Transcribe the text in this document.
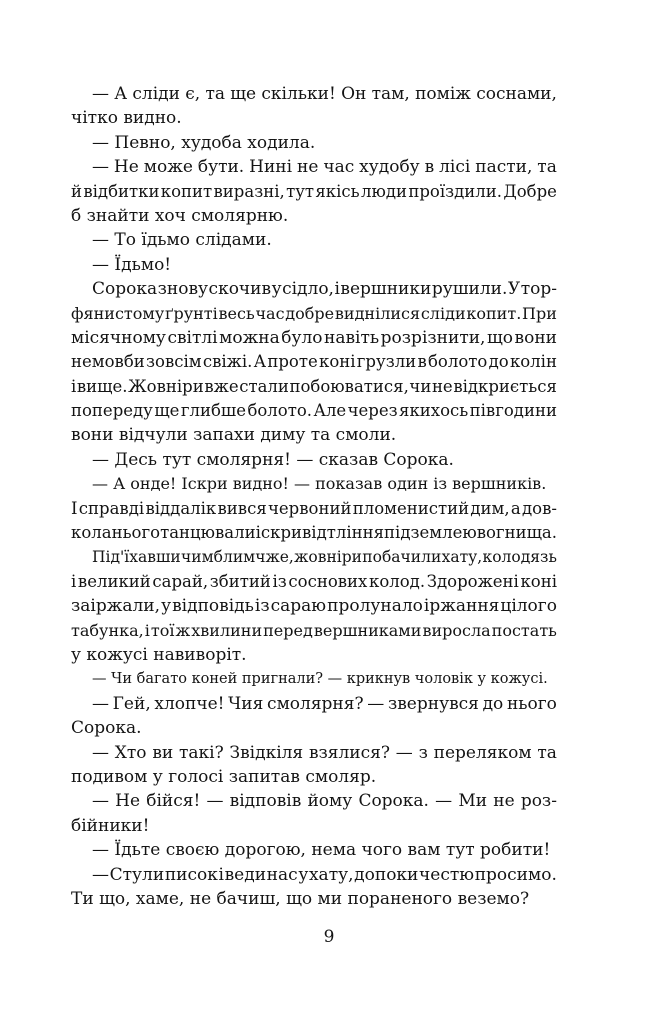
— А сліди є, та ще скільки! Он там, поміж соснами,
чітко видно.
— Певно, худоба ходила.
— Не може бути. Нині не час худобу в лісі пасти, та
й відбитки копит виразні, тут якісь люди проїздили. Добре
б знайти хоч смолярню.
— То їдьмо слідами.
— Їдьмо!
Сорока знову скочив у сідло, і вершники рушили. У тор-
фянистому ґрунті весь час добре виднілися сліди копит. При
місячному світлі можна було навіть розрізнити, що вони
немовби зовсім свіжі. А проте коні грузли в болото до колін
і вище. Жовніри вже стали побоюватися, чи не відкриється
попереду ще глибше болото. Але через якихось півгодини
вони відчули запахи диму та смоли.
— Десь тут смолярня! — сказав Сорока.
— А онде! Іскри видно! — показав один із вершників.
І справді віддалік вився червоний пломенистий дим, а дов-
кола нього танцювали іскри від тління під землею вогнища.
Під'їхавши чимблимчже, жовніри побачили хату, колодязь
і великий сарай, збитий із соснових колод. Здорожені коні
заіржали, у відповідь із сараю пролунало іржання цілого
табунка, і тої ж хвилини перед вершниками виросла постать
у кожусі навиворіт.
— Чи багато коней пригнали? — крикнув чоловік у кожусі.
— Гей, хлопче! Чия смолярня? — звернувся до нього
Сорока.
— Хто ви такі? Звідкіля взялися? — з переляком та
подивом у голосі запитав смоляр.
— Не бійся! — відповів йому Сорока. — Ми не роз-
бійники!
— Їдьте своєю дорогою, нема чого вам тут робити!
— Стули писок і веди нас у хату, допоки честю просимо.
Ти що, хаме, не бачиш, що ми пораненого веземо?
9
